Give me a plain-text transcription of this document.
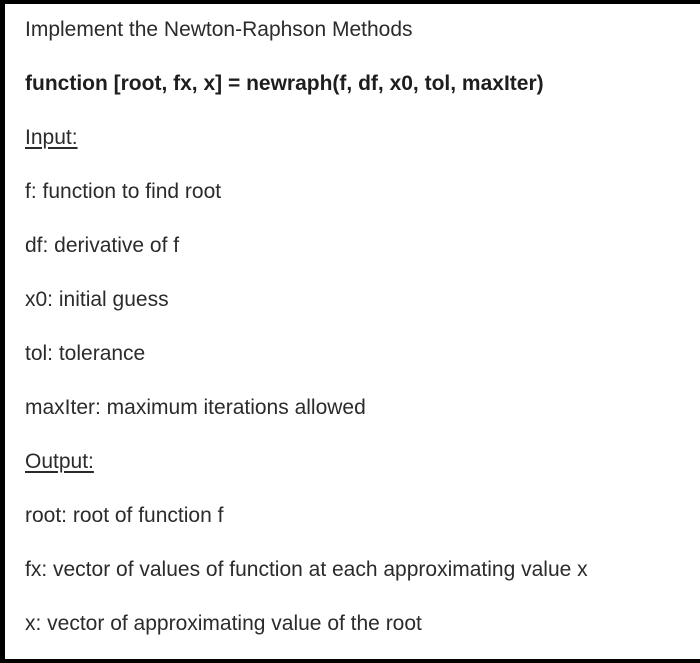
Implement the Newton-Raphson Methods
function [root, fx, x] = newraph(f, df, x0, tol, maxIter)
Input:
f: function to find root
df: derivative of f
x0: initial guess
tol: tolerance
maxIter: maximum iterations allowed
Output:
root: root of function f
fx: vector of values of function at each approximating value x
x: vector of approximating value of the root
